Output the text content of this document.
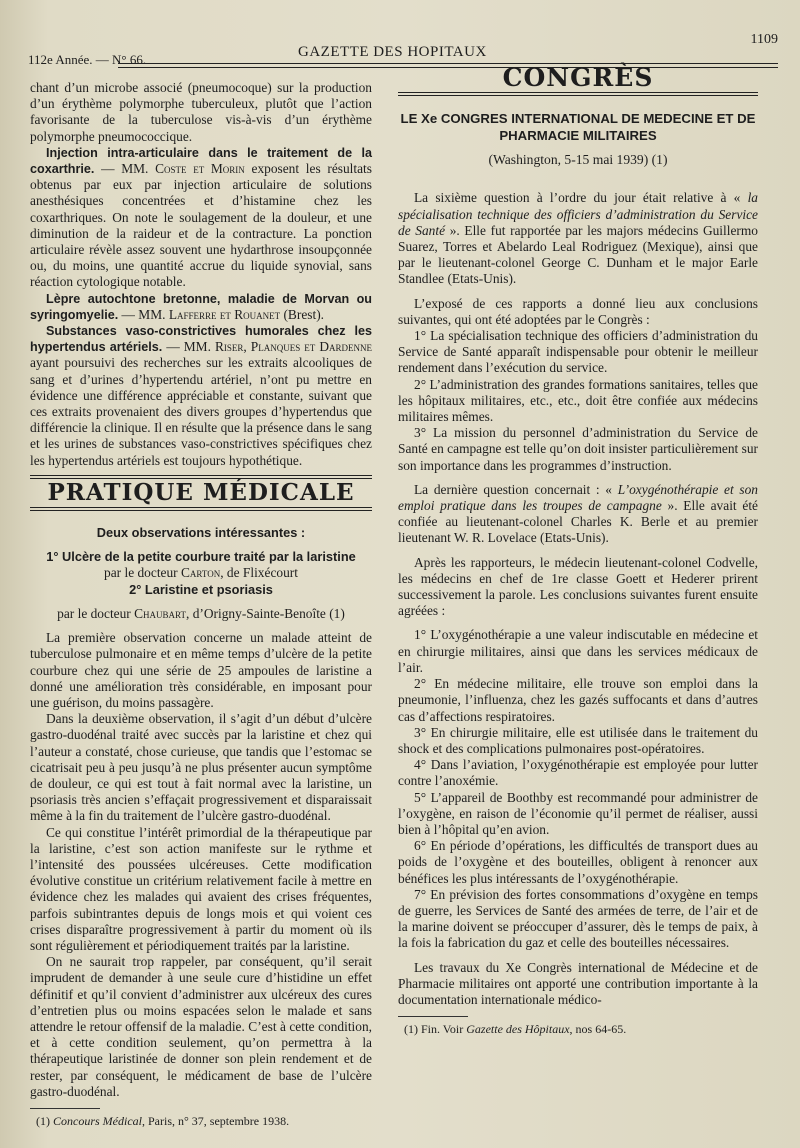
112e Année. — N° 66.	GAZETTE DES HOPITAUX
1109

chant d’un microbe associé (pneumocoque) sur la production d’un érythème polymorphe tuberculeux, plutôt que l’action favorisante de la tuberculose vis-à-vis d’un érythème polymorphe pneumococcique.

Injection intra-articulaire dans le traitement de la coxarthrie. — MM. Coste et Morin exposent les résultats obtenus par eux par injection articulaire de solutions anesthésiques concentrées et d’histamine chez les coxarthriques. On note le soulagement de la douleur, et une diminution de la raideur et de la contracture. La ponction articulaire révèle assez souvent une hydarthrose insoupçonnée ou, du moins, une quantité accrue du liquide synovial, sans réaction cytologique notable.

Lèpre autochtone bretonne, maladie de Morvan ou syringomyelie. — MM. Lafferre et Rouanet (Brest).

Substances vaso-constrictives humorales chez les hypertendus artériels. — MM. Riser, Planques et Dardenne ayant poursuivi des recherches sur les extraits alcooliques de sang et d’urines d’hypertendu artériel, n’ont pu mettre en évidence une différence appréciable et constante, suivant que ces extraits provenaient des divers groupes d’hypertendus que différencie la clinique. Il en résulte que la présence dans le sang et les urines de substances vaso-constrictives spécifiques chez les hypertendus artériels est toujours hypothétique.

PRATIQUE MÉDICALE

Deux observations intéressantes :

1° Ulcère de la petite courbure traité par la laristine

par le docteur Carton, de Flixécourt

2° Laristine et psoriasis

par le docteur Chaubart, d’Origny-Sainte-Benoîte (1)

La première observation concerne un malade atteint de tuberculose pulmonaire et en même temps d’ulcère de la petite courbure chez qui une série de 25 ampoules de laristine a donné une amélioration très considérable, en imposant pour une guérison, du moins passagère.

Dans la deuxième observation, il s’agit d’un début d’ulcère gastro-duodénal traité avec succès par la laristine et chez qui l’auteur a constaté, chose curieuse, que tandis que l’estomac se cicatrisait peu à peu jusqu’à ne plus présenter aucun symptôme de douleur, ce qui est tout à fait normal avec la laristine, un psoriasis très ancien s’effaçait progressivement et disparaissait même à la fin du traitement de l’ulcère gastro-duodénal.

Ce qui constitue l’intérêt primordial de la thérapeutique par la laristine, c’est son action manifeste sur le rythme et l’intensité des poussées ulcéreuses. Cette modification évolutive constitue un critérium relativement facile à mettre en évidence chez les malades qui avaient des crises fréquentes, parfois subintrantes depuis de longs mois et qui voient ces crises disparaître progressivement à partir du moment où ils sont régulièrement et périodiquement traités par la laristine.

On ne saurait trop rappeler, par conséquent, qu’il serait imprudent de demander à une seule cure d’histidine un effet définitif et qu’il convient d’administrer aux ulcéreux des cures d’entretien plus ou moins espacées selon le malade et sans attendre le retour offensif de la maladie. C’est à cette condition, et à cette condition seulement, qu’on permettra à la thérapeutique laristinée de donner son plein rendement et de rester, par conséquent, le médicament de base de l’ulcère gastro-duodénal.

(1) Concours Médical, Paris, n° 37, septembre 1938.

CONGRÈS

LE Xe CONGRES INTERNATIONAL DE MEDECINE ET DE PHARMACIE MILITAIRES

(Washington, 5-15 mai 1939) (1)

La sixième question à l’ordre du jour était relative à « la spécialisation technique des officiers d’administration du Service de Santé ». Elle fut rapportée par les majors médecins Guillermo Suarez, Torres et Abelardo Leal Rodriguez (Mexique), ainsi que par le lieutenant-colonel George C. Dunham et le major Earle Standlee (Etats-Unis).

L’exposé de ces rapports a donné lieu aux conclusions suivantes, qui ont été adoptées par le Congrès :

1° La spécialisation technique des officiers d’administration du Service de Santé apparaît indispensable pour obtenir le meilleur rendement dans l’exécution du service.

2° L’administration des grandes formations sanitaires, telles que les hôpitaux militaires, etc., etc., doit être confiée aux médecins militaires mêmes.

3° La mission du personnel d’administration du Service de Santé en campagne est telle qu’on doit insister particulièrement sur son importance dans les programmes d’instruction.

La dernière question concernait : « L’oxygénothérapie et son emploi pratique dans les troupes de campagne ». Elle avait été confiée au lieutenant-colonel Charles K. Berle et au premier lieutenant W. R. Lovelace (Etats-Unis).

Après les rapporteurs, le médecin lieutenant-colonel Codvelle, les médecins en chef de 1re classe Goett et Hederer prirent successivement la parole. Les conclusions suivantes furent ensuite agréées :

1° L’oxygénothérapie a une valeur indiscutable en médecine et en chirurgie militaires, ainsi que dans les services médicaux de l’air.

2° En médecine militaire, elle trouve son emploi dans la pneumonie, l’influenza, chez les gazés suffocants et dans d’autres cas d’affections respiratoires.

3° En chirurgie militaire, elle est utilisée dans le traitement du shock et des complications pulmonaires post-opératoires.

4° Dans l’aviation, l’oxygénothérapie est employée pour lutter contre l’anoxémie.

5° L’appareil de Boothby est recommandé pour administrer de l’oxygène, en raison de l’économie qu’il permet de réaliser, aussi bien à l’hôpital qu’en avion.

6° En période d’opérations, les difficultés de transport dues au poids de l’oxygène et des bouteilles, obligent à renoncer aux bénéfices les plus intéressants de l’oxygénothérapie.

7° En prévision des fortes consommations d’oxygène en temps de guerre, les Services de Santé des armées de terre, de l’air et de la marine doivent se préoccuper d’assurer, dès le temps de paix, à la fois la fabrication du gaz et celle des bouteilles nécessaires.

Les travaux du Xe Congrès international de Médecine et de Pharmacie militaires ont apporté une contribution importante à la documentation internationale médico-

(1) Fin. Voir Gazette des Hôpitaux, nos 64-65.
